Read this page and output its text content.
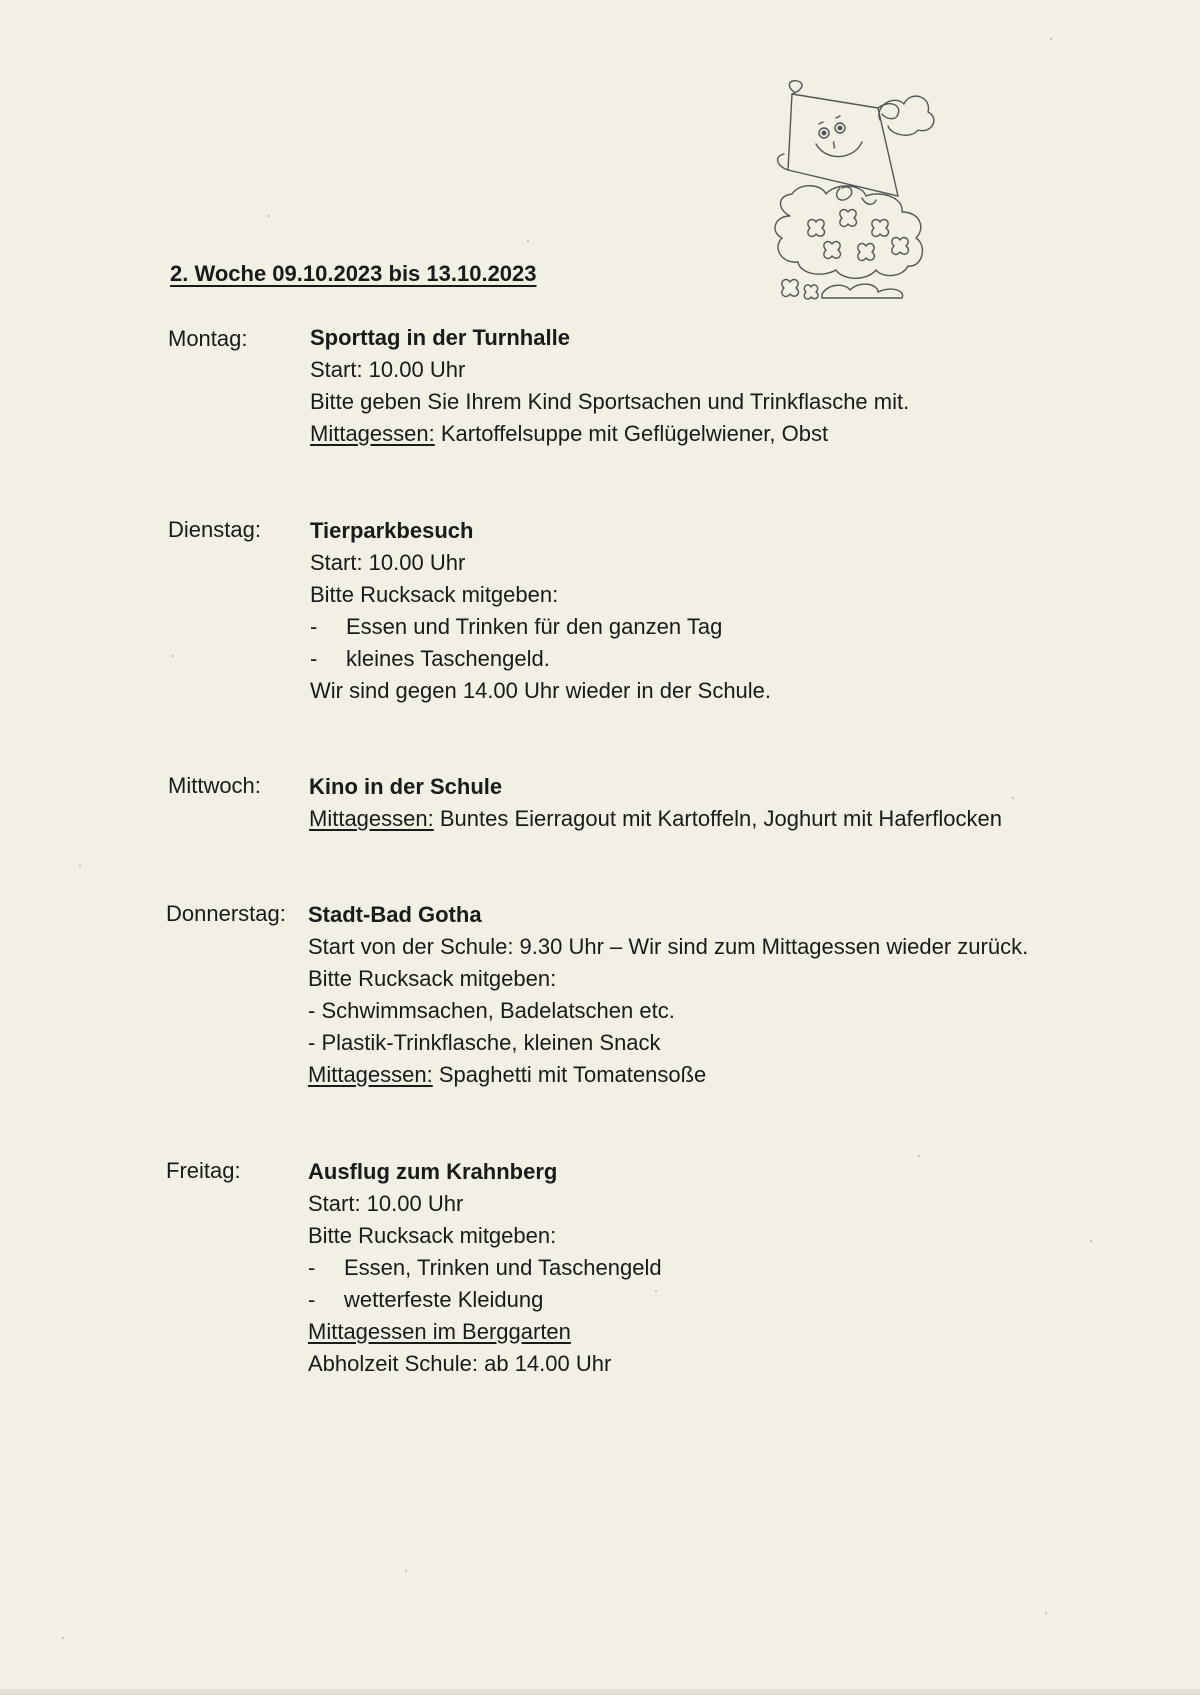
2. Woche 09.10.2023 bis 13.10.2023
Montag:	Sporttag in der Turnhalle
Start: 10.00 Uhr
Bitte geben Sie Ihrem Kind Sportsachen und Trinkflasche mit.
Mittagessen: Kartoffelsuppe mit Geflügelwiener, Obst
Dienstag: Tierparkbesuch
Start: 10.00 Uhr
Bitte Rucksack mitgeben:
- Essen und Trinken für den ganzen Tag
- kleines Taschengeld.
Wir sind gegen 14.00 Uhr wieder in der Schule.
Mittwoch: Kino in der Schule
Mittagessen: Buntes Eierragout mit Kartoffeln, Joghurt mit Haferflocken
Donnerstag: Stadt-Bad Gotha
Start von der Schule: 9.30 Uhr – Wir sind zum Mittagessen wieder zurück.
Bitte Rucksack mitgeben:
- Schwimmsachen, Badelatschen etc.
- Plastik-Trinkflasche, kleinen Snack
Mittagessen: Spaghetti mit Tomatensoße
Freitag:	Ausflug zum Krahnberg
Start: 10.00 Uhr
Bitte Rucksack mitgeben:
- Essen, Trinken und Taschengeld
- wetterfeste Kleidung
Mittagessen im Berggarten
Abholzeit Schule: ab 14.00 Uhr
